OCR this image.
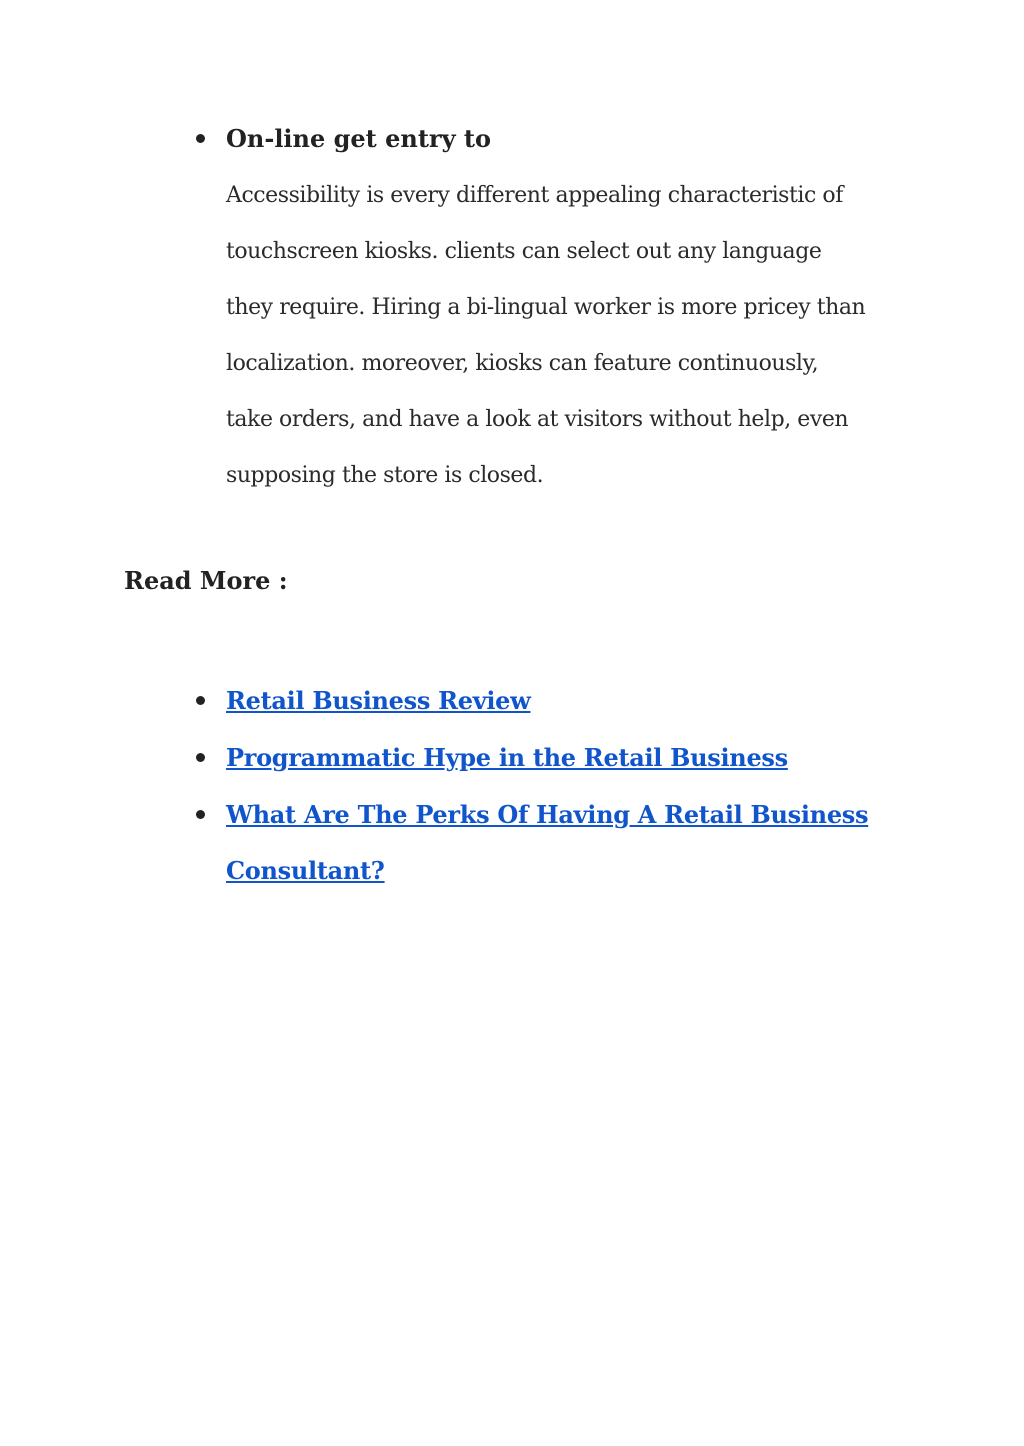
On-line get entry to
Accessibility is every different appealing characteristic of
touchscreen kiosks. clients can select out any language
they require. Hiring a bi-lingual worker is more pricey than
localization. moreover, kiosks can feature continuously,
take orders, and have a look at visitors without help, even
supposing the store is closed.
Read More :
Retail Business Review
Programmatic Hype in the Retail Business
What Are The Perks Of Having A Retail Business
Consultant?
